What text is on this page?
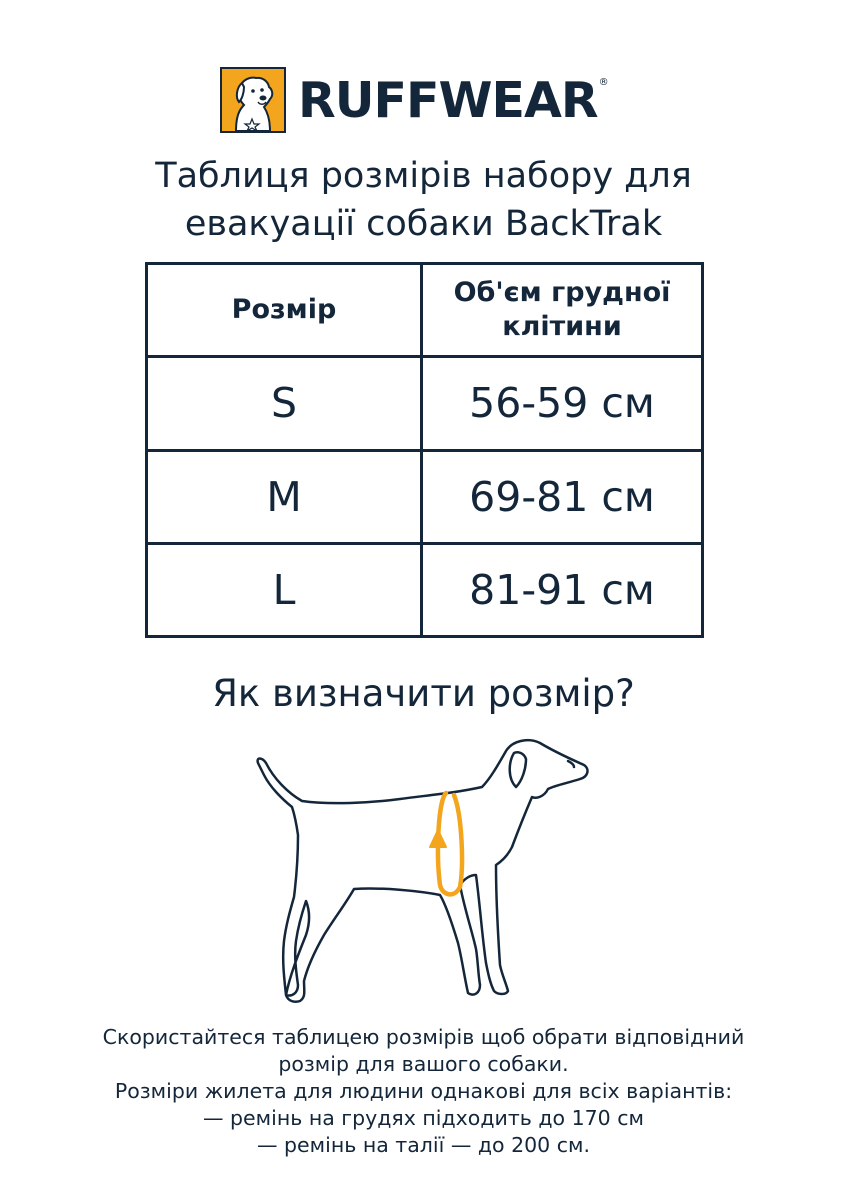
RUFFWEAR ®
Таблиця розмірів набору для
евакуації собаки BackTrak
Розмір	Об'єм грудної
клітини

S	56-59 см
M	69-81 см
L	81-91 см
Як визначити розмір?
Скористайтеся таблицею розмірів щоб обрати відповідний
розмір для вашого собаки.
Розміри жилета для людини однакові для всіх варіантів:
— ремінь на грудях підходить до 170 см
— ремінь на талії — до 200 см.
